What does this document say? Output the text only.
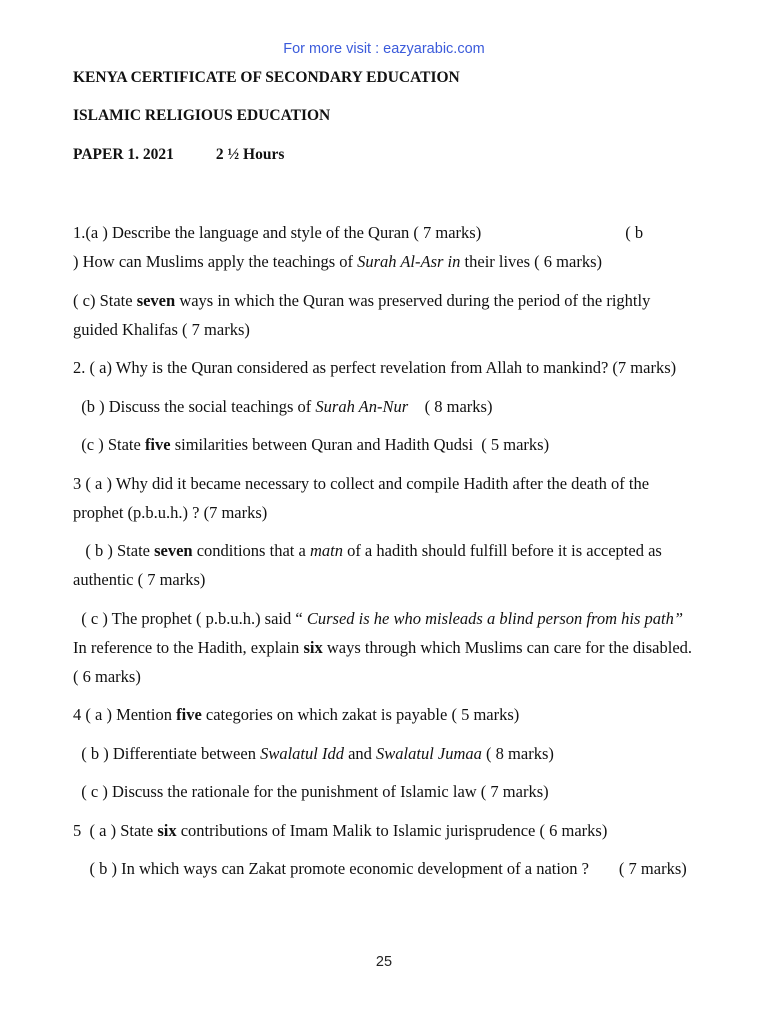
For more visit : eazyarabic.com
KENYA CERTIFICATE OF SECONDARY EDUCATION
ISLAMIC RELIGIOUS EDUCATION
PAPER 1. 2021	2 ½ Hours

1.(a ) Describe the language and style of the Quran ( 7 marks)	( b
) How can Muslims apply the teachings of Surah Al-Asr in their lives ( 6 marks)

( c) State seven ways in which the Quran was preserved during the period of the rightly guided Khalifas ( 7 marks)

2. ( a) Why is the Quran considered as perfect revelation from Allah to mankind? (7 marks)

(b ) Discuss the social teachings of Surah An-Nur    ( 8 marks)

(c ) State five similarities between Quran and Hadith Qudsi  ( 5 marks)

3 ( a ) Why did it became necessary to collect and compile Hadith after the death of the prophet (p.b.u.h.) ? (7 marks)

( b ) State seven conditions that a matn of a hadith should fulfill before it is accepted as authentic ( 7 marks)

( c ) The prophet ( p.b.u.h.) said “ Cursed is he who misleads a blind person from his path”  In reference to the Hadith, explain six ways through which Muslims can care for the disabled. ( 6 marks)

4 ( a ) Mention five categories on which zakat is payable ( 5 marks)

( b ) Differentiate between Swalatul Idd and Swalatul Jumaa ( 8 marks)

( c ) Discuss the rationale for the punishment of Islamic law ( 7 marks)

5  ( a ) State six contributions of Imam Malik to Islamic jurisprudence ( 6 marks)

( b ) In which ways can Zakat promote economic development of a nation ? ( 7 marks)

25
